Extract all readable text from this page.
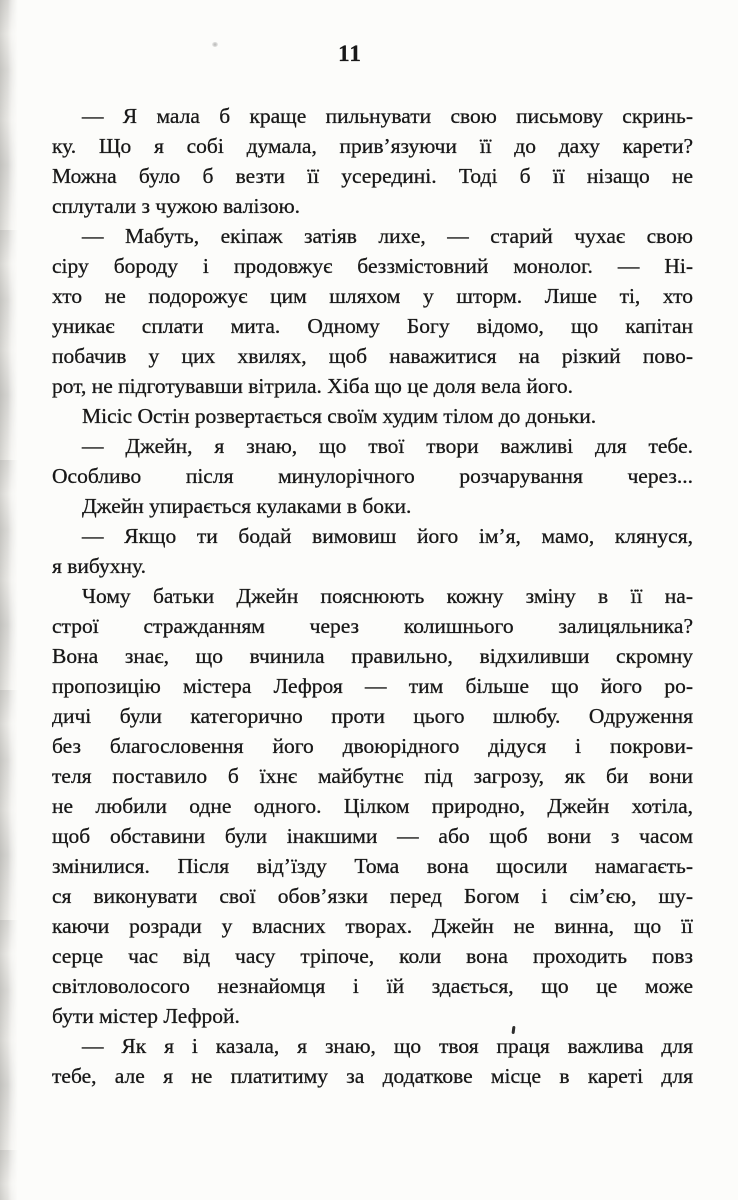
11
— Я мала б краще пильнувати свою письмову скринь-
ку. Що я собі думала, прив’язуючи її до даху карети?
Можна було б везти її усередині. Тоді б її нізащо не
сплутали з чужою валізою.
— Мабуть, екіпаж затіяв лихе, — старий чухає свою
сіру бороду і продовжує беззмістовний монолог. — Ні-
хто не подорожує цим шляхом у шторм. Лише ті, хто
уникає сплати мита. Одному Богу відомо, що капітан
побачив у цих хвилях, щоб наважитися на різкий пово-
рот, не підготувавши вітрила. Хіба що це доля вела його.
Місіс Остін розвертається своїм худим тілом до доньки.
— Джейн, я знаю, що твої твори важливі для тебе.
Особливо після минулорічного розчарування через...
Джейн упирається кулаками в боки.
— Якщо ти бодай вимовиш його ім’я, мамо, клянуся,
я вибухну.
Чому батьки Джейн пояснюють кожну зміну в її на-
строї стражданням через колишнього залицяльника?
Вона знає, що вчинила правильно, відхиливши скромну
пропозицію містера Лефроя — тим більше що його ро-
дичі були категорично проти цього шлюбу. Одруження
без благословення його двоюрідного дідуся і покрови-
теля поставило б їхнє майбутнє під загрозу, як би вони
не любили одне одного. Цілком природно, Джейн хотіла,
щоб обставини були інакшими — або щоб вони з часом
змінилися. Після від’їзду Тома вона щосили намагаєть-
ся виконувати свої обов’язки перед Богом і сім’єю, шу-
каючи розради у власних творах. Джейн не винна, що її
серце час від часу тріпоче, коли вона проходить повз
світловолосого незнайомця і їй здається, що це може
бути містер Лефрой.
— Як я і казала, я знаю, що твоя праця важлива для
тебе, але я не платитиму за додаткове місце в кареті для
